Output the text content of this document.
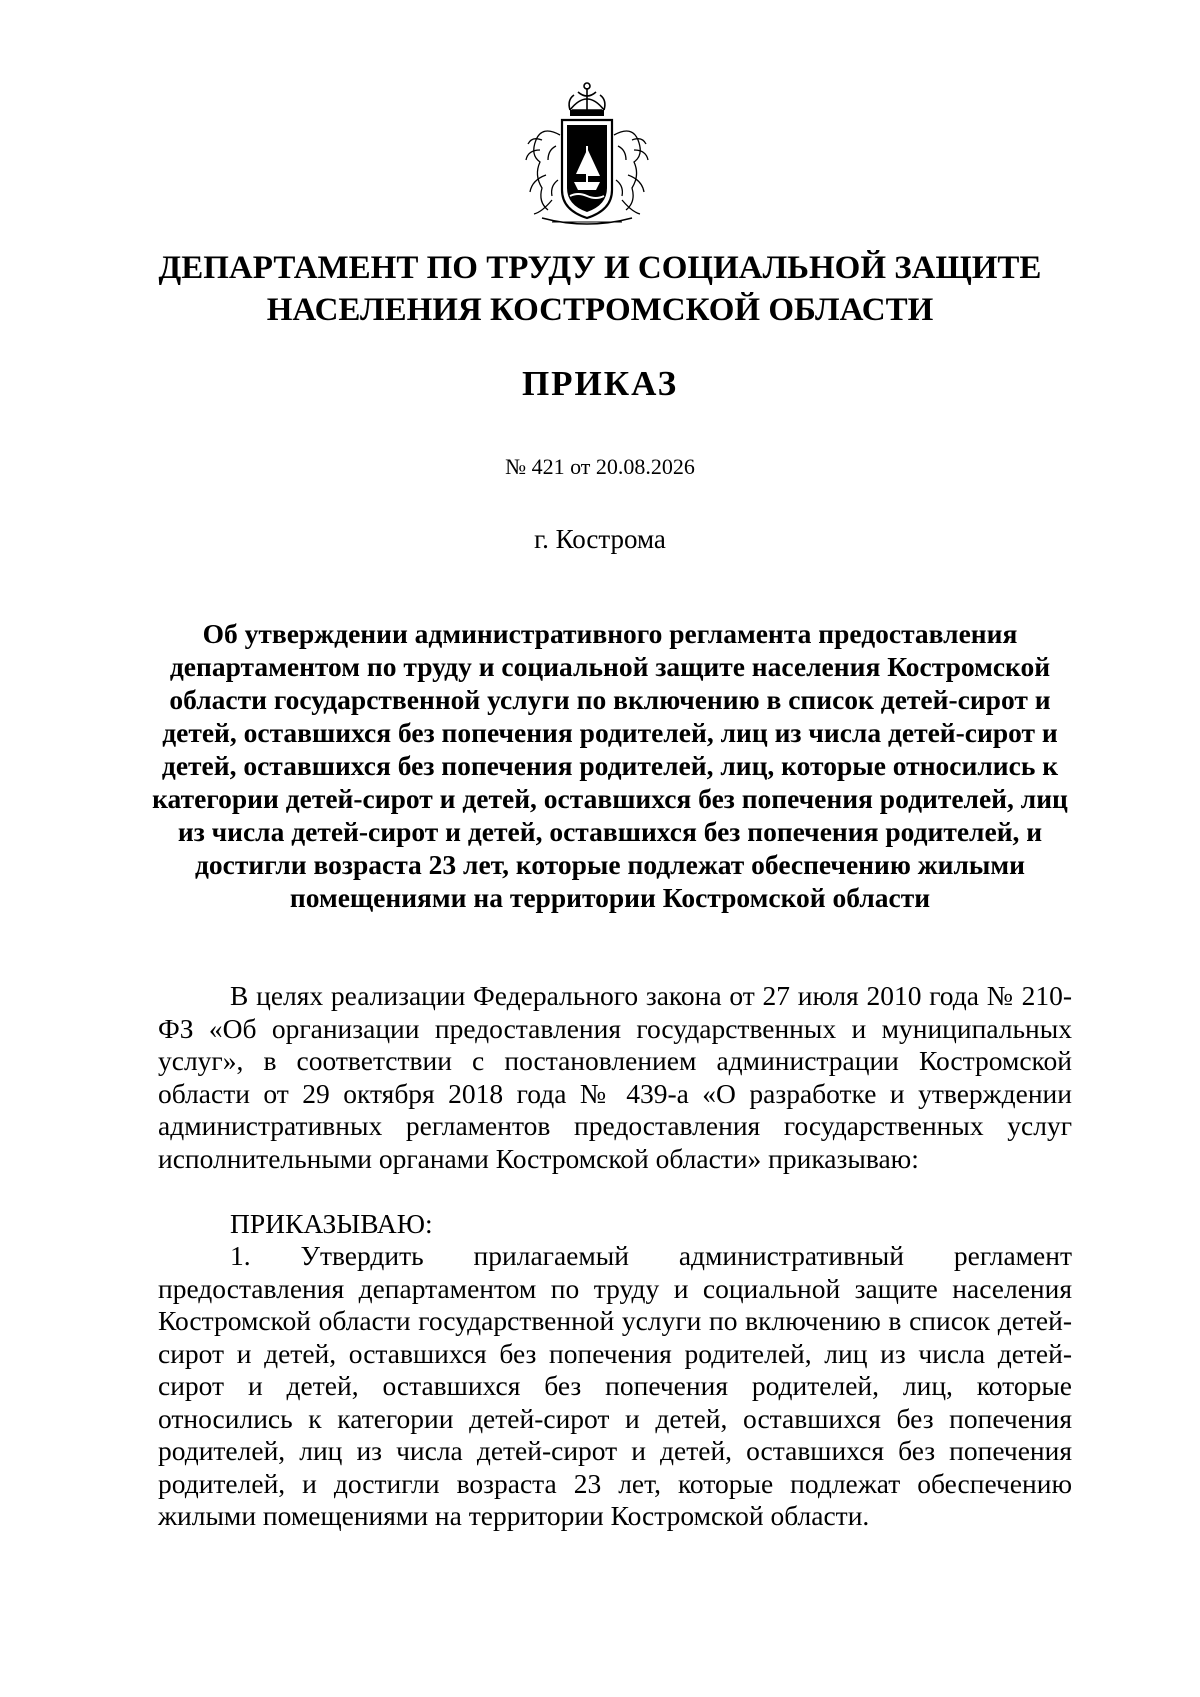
ДЕПАРТАМЕНТ ПО ТРУДУ И СОЦИАЛЬНОЙ ЗАЩИТЕ НАСЕЛЕНИЯ КОСТРОМСКОЙ ОБЛАСТИ
ПРИКАЗ
№ 421 от 20.08.2026
г. Кострома

Об утверждении административного регламента предоставления департаментом по труду и социальной защите населения Костромской области государственной услуги по включению в список детей-сирот и детей, оставшихся без попечения родителей, лиц из числа детей-сирот и детей, оставшихся без попечения родителей, лиц, которые относились к категории детей-сирот и детей, оставшихся без попечения родителей, лиц из числа детей-сирот и детей, оставшихся без попечения родителей, и достигли возраста 23 лет, которые подлежат обеспечению жилыми помещениями на территории Костромской области

В целях реализации Федерального закона от 27 июля 2010 года № 210-ФЗ «Об организации предоставления государственных и муниципальных услуг», в соответствии с постановлением администрации Костромской области от 29 октября 2018 года № 439-а «О разработке и утверждении административных регламентов предоставления государственных услуг исполнительными органами Костромской области» приказываю:

ПРИКАЗЫВАЮ:

1. Утвердить прилагаемый административный регламент предоставления департаментом по труду и социальной защите населения Костромской области государственной услуги по включению в список детей-сирот и детей, оставшихся без попечения родителей, лиц из числа детей-сирот и детей, оставшихся без попечения родителей, лиц, которые относились к категории детей-сирот и детей, оставшихся без попечения родителей, лиц из числа детей-сирот и детей, оставшихся без попечения родителей, и достигли возраста 23 лет, которые подлежат обеспечению жилыми помещениями на территории Костромской области.
